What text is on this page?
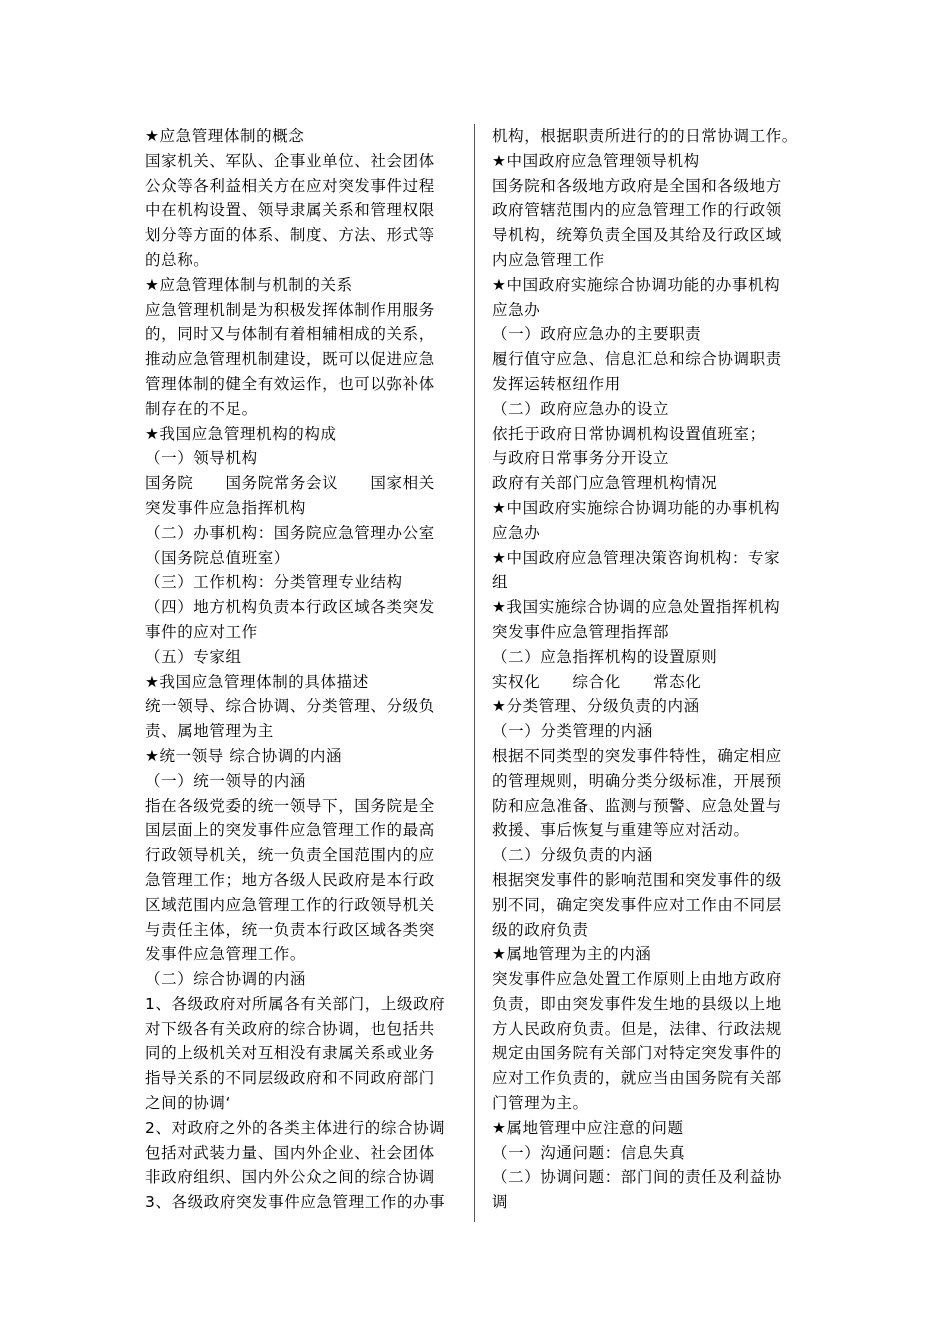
★应急管理体制的概念
国家机关、军队、企事业单位、社会团体
公众等各利益相关方在应对突发事件过程
中在机构设置、领导隶属关系和管理权限
划分等方面的体系、制度、方法、形式等
的总称。
★应急管理体制与机制的关系
应急管理机制是为积极发挥体制作用服务
的，同时又与体制有着相辅相成的关系，
推动应急管理机制建设，既可以促进应急
管理体制的健全有效运作，也可以弥补体
制存在的不足。
★我国应急管理机构的构成
（一）领导机构
国务院　　国务院常务会议　　国家相关
突发事件应急指挥机构
（二）办事机构：国务院应急管理办公室
（国务院总值班室）
（三）工作机构：分类管理专业结构
（四）地方机构负责本行政区域各类突发
事件的应对工作
（五）专家组
★我国应急管理体制的具体描述
统一领导、综合协调、分类管理、分级负
责、属地管理为主
★统一领导 综合协调的内涵
（一）统一领导的内涵
指在各级党委的统一领导下，国务院是全
国层面上的突发事件应急管理工作的最高
行政领导机关，统一负责全国范围内的应
急管理工作；地方各级人民政府是本行政
区域范围内应急管理工作的行政领导机关
与责任主体，统一负责本行政区域各类突
发事件应急管理工作。
（二）综合协调的内涵
1、各级政府对所属各有关部门，上级政府
对下级各有关政府的综合协调，也包括共
同的上级机关对互相没有隶属关系或业务
指导关系的不同层级政府和不同政府部门
之间的协调‘
2、对政府之外的各类主体进行的综合协调
包括对武装力量、国内外企业、社会团体
非政府组织、国内外公众之间的综合协调
3、各级政府突发事件应急管理工作的办事
机构，根据职责所进行的的日常协调工作。
★中国政府应急管理领导机构
国务院和各级地方政府是全国和各级地方
政府管辖范围内的应急管理工作的行政领
导机构，统筹负责全国及其给及行政区域
内应急管理工作
★中国政府实施综合协调功能的办事机构
应急办
（一）政府应急办的主要职责
履行值守应急、信息汇总和综合协调职责
发挥运转枢纽作用
（二）政府应急办的设立
依托于政府日常协调机构设置值班室；
与政府日常事务分开设立
政府有关部门应急管理机构情况
★中国政府实施综合协调功能的办事机构
应急办
★中国政府应急管理决策咨询机构：专家
组
★我国实施综合协调的应急处置指挥机构
突发事件应急管理指挥部
（二）应急指挥机构的设置原则
实权化　　综合化　　常态化
★分类管理、分级负责的内涵
（一）分类管理的内涵
根据不同类型的突发事件特性，确定相应
的管理规则，明确分类分级标准，开展预
防和应急准备、监测与预警、应急处置与
救援、事后恢复与重建等应对活动。
（二）分级负责的内涵
根据突发事件的影响范围和突发事件的级
别不同，确定突发事件应对工作由不同层
级的政府负责
★属地管理为主的内涵
突发事件应急处置工作原则上由地方政府
负责，即由突发事件发生地的县级以上地
方人民政府负责。但是，法律、行政法规
规定由国务院有关部门对特定突发事件的
应对工作负责的，就应当由国务院有关部
门管理为主。
★属地管理中应注意的问题
（一）沟通问题：信息失真
（二）协调问题：部门间的责任及利益协
调
